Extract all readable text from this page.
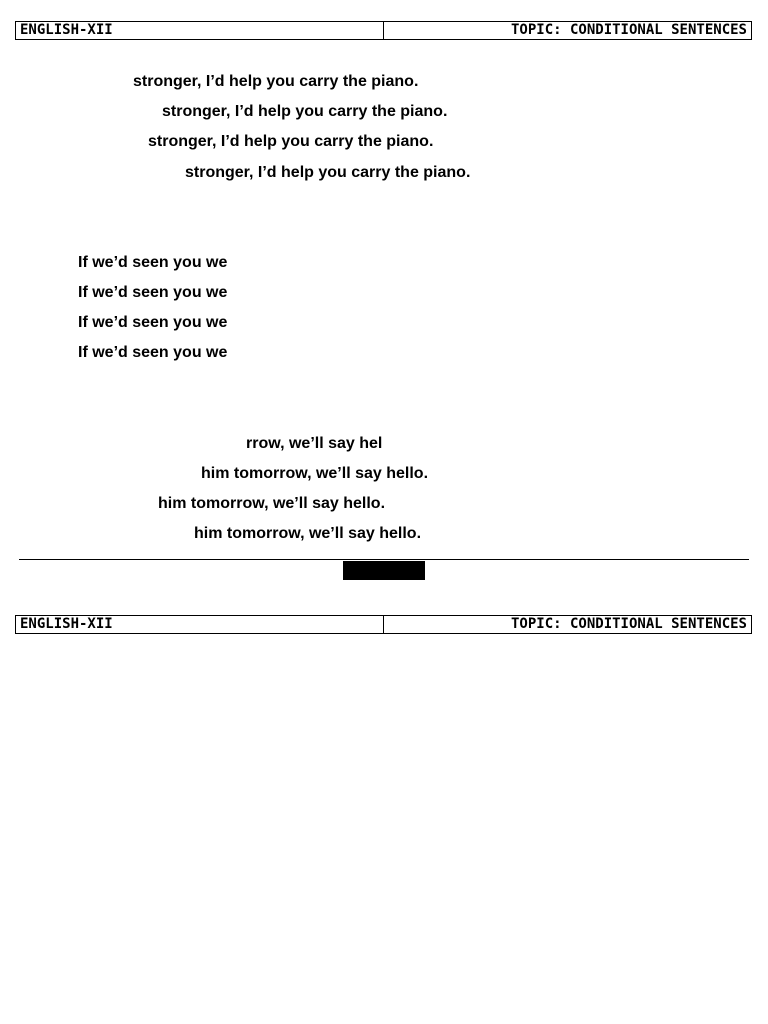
ENGLISH-XII	TOPIC: CONDITIONAL SENTENCES
stronger, I’d help you carry the piano.
stronger, I’d help you carry the piano.
stronger, I’d help you carry the piano.
stronger, I’d help you carry the piano.
If we’d seen you we
If we’d seen you we
If we’d seen you we
If we’d seen you we
rrow, we’ll say hel
him tomorrow, we’ll say hello.
him tomorrow, we’ll say hello.
him tomorrow, we’ll say hello.
ENGLISH-XII	TOPIC: CONDITIONAL SENTENCES
